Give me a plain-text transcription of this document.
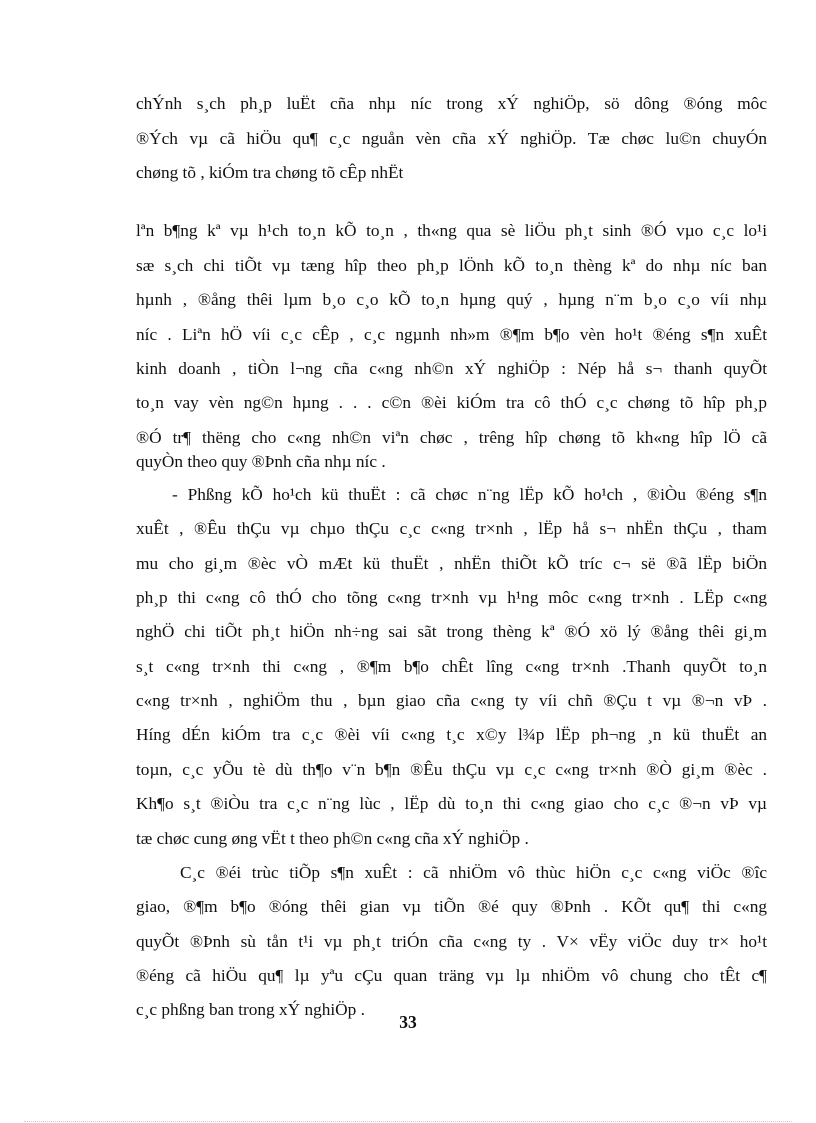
chÝnh s¸ch ph¸p luËt cña nhµ níc trong xÝ nghiÖp, sö dông ®óng môc
®Ých vµ cã hiÖu qu¶ c¸c nguån vèn cña xÝ nghiÖp. Tæ chøc lu©n chuyÓn
chøng tõ , kiÓm tra chøng tõ cÊp nhËt
lªn b¶ng kª vµ h¹ch to¸n kÕ to¸n , th«ng qua sè liÖu ph¸t sinh ®Ó vµo c¸c lo¹i
sæ s¸ch chi tiÕt vµ tæng hîp theo ph¸p lÖnh kÕ to¸n thèng kª do nhµ níc ban
hµnh , ®ång thêi lµm b¸o c¸o kÕ to¸n hµng quý , hµng n¨m b¸o c¸o víi nhµ
níc . Liªn hÖ víi c¸c cÊp , c¸c ngµnh nh»m ®¶m b¶o vèn ho¹t ®éng s¶n xuÊt
kinh doanh , tiÒn l¬ng cña c«ng nh©n xÝ nghiÖp : Nép hå s¬ thanh quyÕt
to¸n vay vèn ng©n hµng . . . c©n ®èi kiÓm tra cô thÓ c¸c chøng tõ hîp ph¸p
®Ó tr¶ thëng cho c«ng nh©n viªn chøc , trêng hîp chøng tõ kh«ng hîp lÖ cã
quyÒn theo quy ®Þnh cña nhµ níc .
- Phßng kÕ ho¹ch kü thuËt : cã chøc n¨ng lËp kÕ ho¹ch , ®iÒu ®éng s¶n
xuÊt , ®Êu thÇu vµ chµo thÇu c¸c c«ng tr×nh , lËp hå s¬ nhËn thÇu , tham
mu cho gi¸m ®èc vÒ mÆt kü thuËt , nhËn thiÕt kÕ tríc c¬ së ®ã lËp biÖn
ph¸p thi c«ng cô thÓ cho tõng c«ng tr×nh vµ h¹ng môc c«ng tr×nh . LËp c«ng
nghÖ chi tiÕt ph¸t hiÖn nh÷ng sai sãt trong thèng kª ®Ó xö lý ®ång thêi gi¸m
s¸t c«ng tr×nh thi c«ng , ®¶m b¶o chÊt lîng c«ng tr×nh .Thanh quyÕt to¸n
c«ng tr×nh , nghiÖm thu , bµn giao cña c«ng ty víi chñ ®Çu t vµ ®¬n vÞ .
Híng dÉn kiÓm tra c¸c ®èi víi c«ng t¸c x©y l¾p lËp ph¬ng ¸n kü thuËt an
toµn, c¸c yÕu tè dù th¶o v¨n b¶n ®Êu thÇu vµ c¸c c«ng tr×nh ®Ò gi¸m ®èc .
Kh¶o s¸t ®iÒu tra c¸c n¨ng lùc , lËp dù to¸n thi c«ng giao cho c¸c ®¬n vÞ vµ
tæ chøc cung øng vËt t theo ph©n c«ng cña xÝ nghiÖp .
C¸c ®éi trùc tiÕp s¶n xuÊt : cã nhiÖm vô thùc hiÖn c¸c c«ng viÖc ®îc
giao, ®¶m b¶o ®óng thêi gian vµ tiÕn ®é quy ®Þnh . KÕt qu¶ thi c«ng
quyÕt ®Þnh sù tån t¹i vµ ph¸t triÓn cña c«ng ty . V× vËy viÖc duy tr× ho¹t
®éng cã hiÖu qu¶ lµ yªu cÇu quan träng vµ lµ nhiÖm vô chung cho tÊt c¶
c¸c phßng ban trong xÝ nghiÖp .
33
